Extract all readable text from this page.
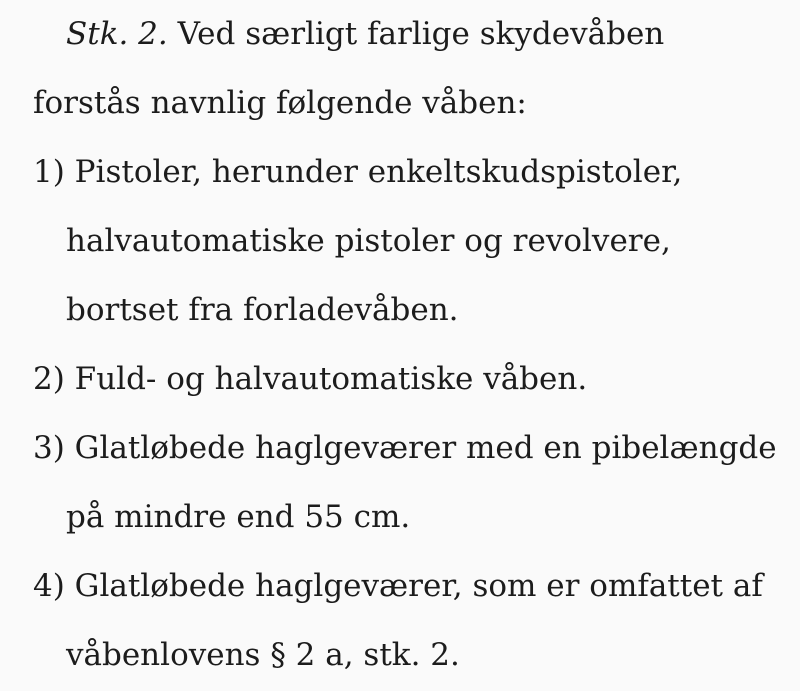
Stk. 2. Ved særligt farlige skydevåben forstås navnlig følgende våben:

1) Pistoler, herunder enkeltskudspistoler, halvautomatiske pistoler og revolvere, bortset fra forladevåben.
2) Fuld- og halvautomatiske våben.
3) Glatløbede haglgeværer med en pibelængde på mindre end 55 cm.
4) Glatløbede haglgeværer, som er omfattet af våbenlovens § 2 a, stk. 2.
